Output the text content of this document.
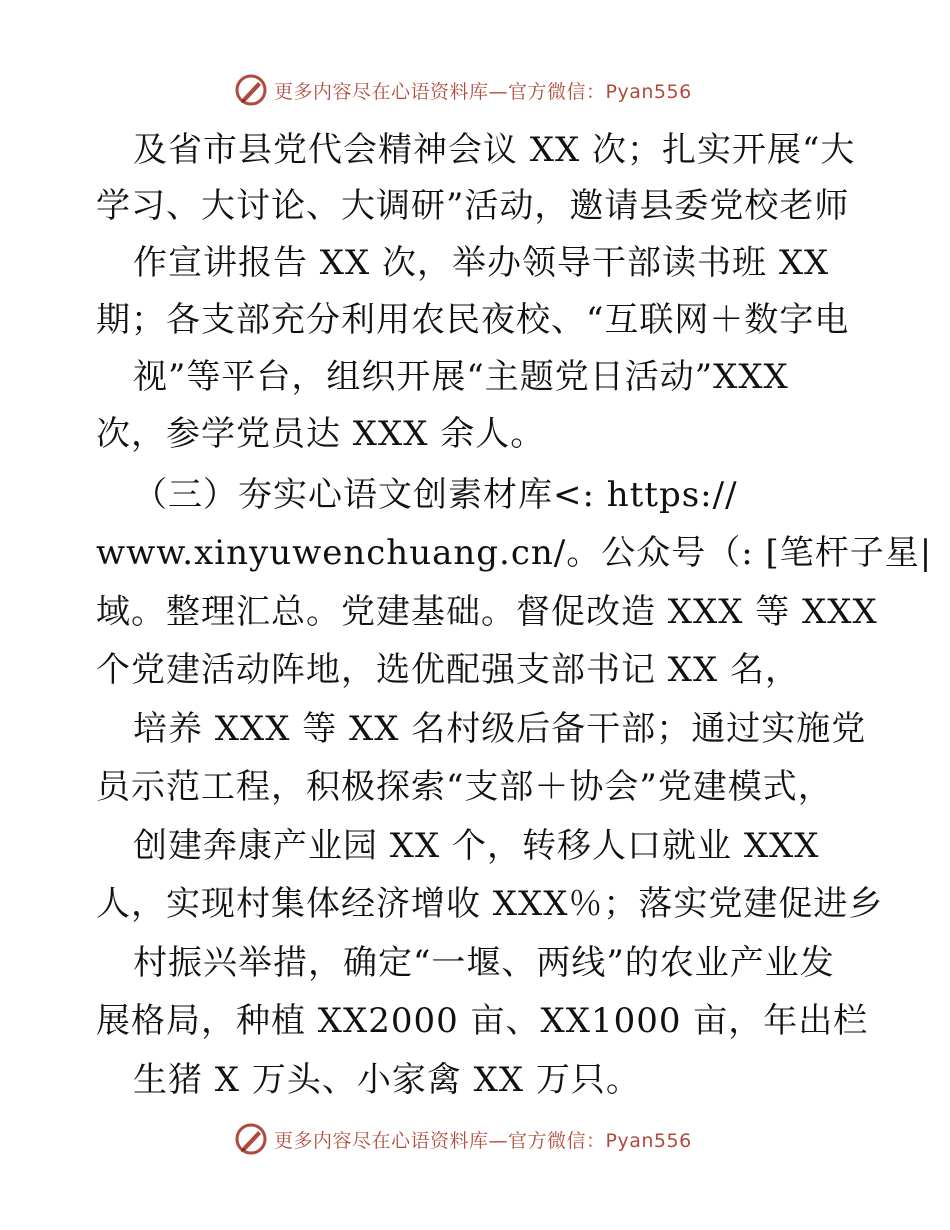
更多内容尽在心语资料库—官方微信：Pyan556
及省市县党代会精神会议 XX 次；扎实开展“大
学习、大讨论、大调研”活动，邀请县委党校老师
作宣讲报告 XX 次，举办领导干部读书班 XX
期；各支部充分利用农民夜校、“互联网＋数字电
视”等平台，组织开展“主题党日活动”XXX
次，参学党员达 XXX 余人。
（三）夯实心语文创素材库<: https://
www.xinyuwenchuang.cn/。公众号（: [笔杆子星|
域。整理汇总。党建基础。督促改造 XXX 等 XXX
个党建活动阵地，选优配强支部书记 XX 名，
培养 XXX 等 XX 名村级后备干部；通过实施党
员示范工程，积极探索“支部＋协会”党建模式，
创建奔康产业园 XX 个，转移人口就业 XXX
人，实现村集体经济增收 XXX％；落实党建促进乡
村振兴举措，确定“一堰、两线”的农业产业发
展格局，种植 XX2000 亩、XX1000 亩，年出栏
生猪 X 万头、小家禽 XX 万只。
更多内容尽在心语资料库—官方微信：Pyan556
